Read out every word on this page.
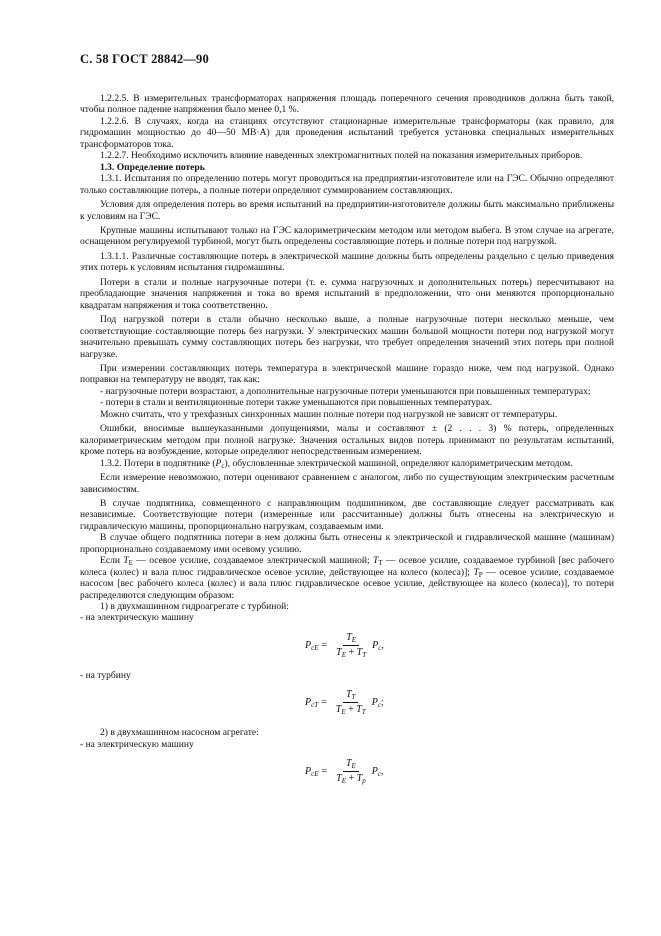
С. 58 ГОСТ 28842—90

1.2.2.5. В измерительных трансформаторах напряжения площадь поперечного сечения проводников должна быть такой, чтобы полное падение напряжения было менее 0,1 %.

1.2.2.6. В случаях, когда на станциях отсутствуют стационарные измерительные трансформаторы (как правило, для гидромашин мощностью до 40—50 МВ·А) для проведения испытаний требуется установка специальных измерительных трансформаторов тока.

1.2.2.7. Необходимо исключить влияние наведенных электромагнитных полей на показания измерительных приборов.

1.3. Определение потерь

1.3.1. Испытания по определению потерь могут проводиться на предприятии-изготовителе или на ГЭС. Обычно определяют только составляющие потерь, а полные потери определяют суммированием составляющих.

Условия для определения потерь во время испытаний на предприятии-изготовителе должны быть максимально приближены к условиям на ГЭС.

Крупные машины испытывают только на ГЭС калориметрическим методом или методом выбега. В этом случае на агрегате, оснащенном регулируемой турбиной, могут быть определены составляющие потерь и полные потери под нагрузкой.

1.3.1.1. Различные составляющие потерь в электрической машине должны быть определены раздельно с целью приведения этих потерь к условиям испытания гидромашины.

Потери в стали и полные нагрузочные потери (т. е. сумма нагрузочных и дополнительных потерь) пересчитывают на преобладающие значения напряжения и тока во время испытаний в предположении, что они меняются пропорционально квадратам напряжения и тока соответственно.

Под нагрузкой потери в стали обычно несколько выше, а полные нагрузочные потери несколько меньше, чем соответствующие составляющие потерь без нагрузки. У электрических машин большой мощности потери под нагрузкой могут значительно превышать сумму составляющих потерь без нагрузки, что требует определения значений этих потерь при полной нагрузке.

При измерении составляющих потерь температура в электрической машине гораздо ниже, чем под нагрузкой. Однако поправки на температуру не вводят, так как:

- нагрузочные потери возрастают, а дополнительные нагрузочные потери уменьшаются при повышенных температурах;

- потери в стали и вентиляционные потери также уменьшаются при повышенных температурах.

Можно считать, что у трехфазных синхронных машин полные потери под нагрузкой не зависят от температуры.

Ошибки, вносимые вышеуказанными допущениями, малы и составляют ± (2 . . . 3) % потерь, определенных калориметрическим методом при полной нагрузке. Значения остальных видов потерь принимают по результатам испытаний, кроме потерь на возбуждение, которые определяют непосредственным измерением.

1.3.2. Потери в подпятнике $(P_c)$, обусловленные электрической машиной, определяют калориметрическим методом.

Если измерение невозможно, потери оценивают сравнением с аналогом, либо по существующим электрическим расчетным зависимостям.

В случае подпятника, совмещенного с направляющим подшипником, две составляющие следует рассматривать как независимые. Соответствующие потери (измеренные или рассчитанные) должны быть отнесены на электрическую и гидравлическую машины, пропорционально нагрузкам, создаваемым ими.

В случае общего подпятника потери в нем должны быть отнесены к электрической и гидравлической машине (машинам) пропорционально создаваемому ими осевому усилию.

Если $T_E$ — осевое усилие, создаваемое электрической машиной; $T_T$ — осевое усилие, создаваемое турбиной [вес рабочего колеса (колес) и вала плюс гидравлическое осевое усилие, действующее на колесо (колеса)]; $T_P$ — осевое усилие, создаваемое насосом [вес рабочего колеса (колес) и вала плюс гидравлическое осевое усилие, действующее на колесо (колеса)], то потери распределяются следующим образом:

1) в двухмашинном гидроагрегате с турбиной:

- на электрическую машину

$P_{cE} = \frac{T_E}{T_E + T_T} P_c$ ,

- на турбину

$P_{cT} = \frac{T_T}{T_E + T_T} P_c$ ;

2) в двухмашинном насосном агрегате:

- на электрическую машину

$P_{cE} = \frac{T_E}{T_E + T_p} P_c$ ,
